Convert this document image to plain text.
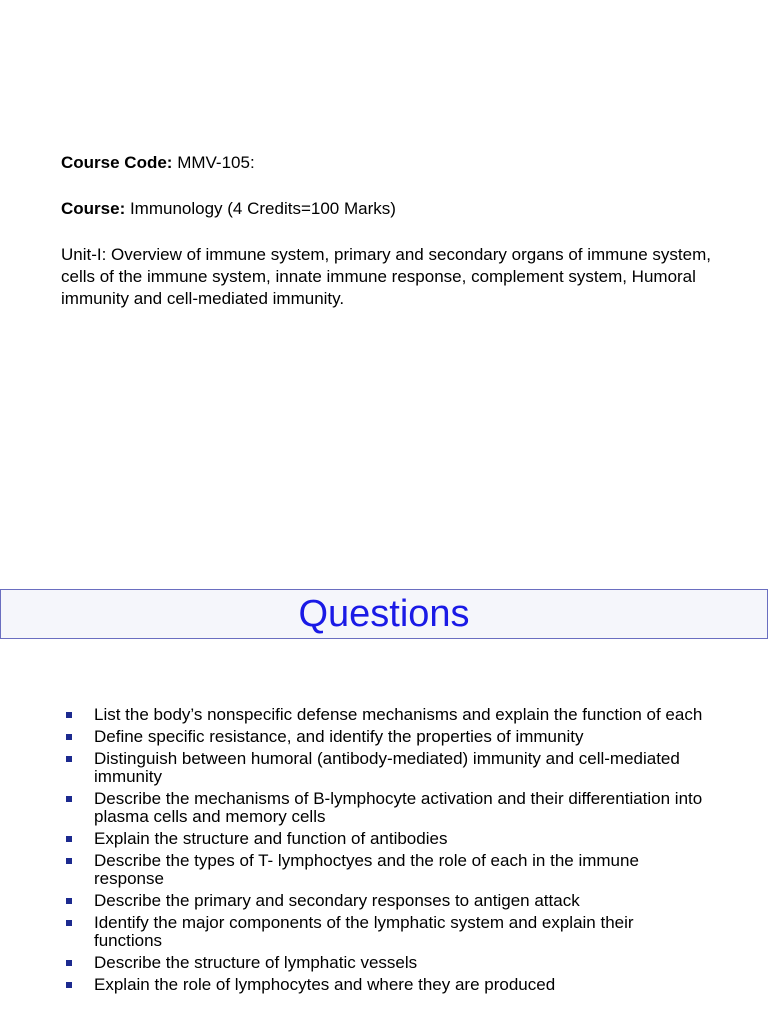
Course Code: MMV-105:

Course: Immunology (4 Credits=100 Marks)

Unit-I: Overview of immune system, primary and secondary organs of immune system, cells of the immune system, innate immune response, complement system, Humoral immunity and cell-mediated immunity.

Questions
List the body’s nonspecific defense mechanisms and explain the function of each
Define specific resistance, and identify the properties of immunity
Distinguish between humoral (antibody-mediated) immunity and cell-mediated immunity
Describe the mechanisms of B-lymphocyte activation and their differentiation into plasma cells and memory cells
Explain the structure and function of antibodies
Describe the types of T- lymphoctyes and the role of each in the immune response
Describe the primary and secondary responses to antigen attack
Identify the major components of the lymphatic system and explain their functions
Describe the structure of lymphatic vessels
Explain the role of lymphocytes and where they are produced
